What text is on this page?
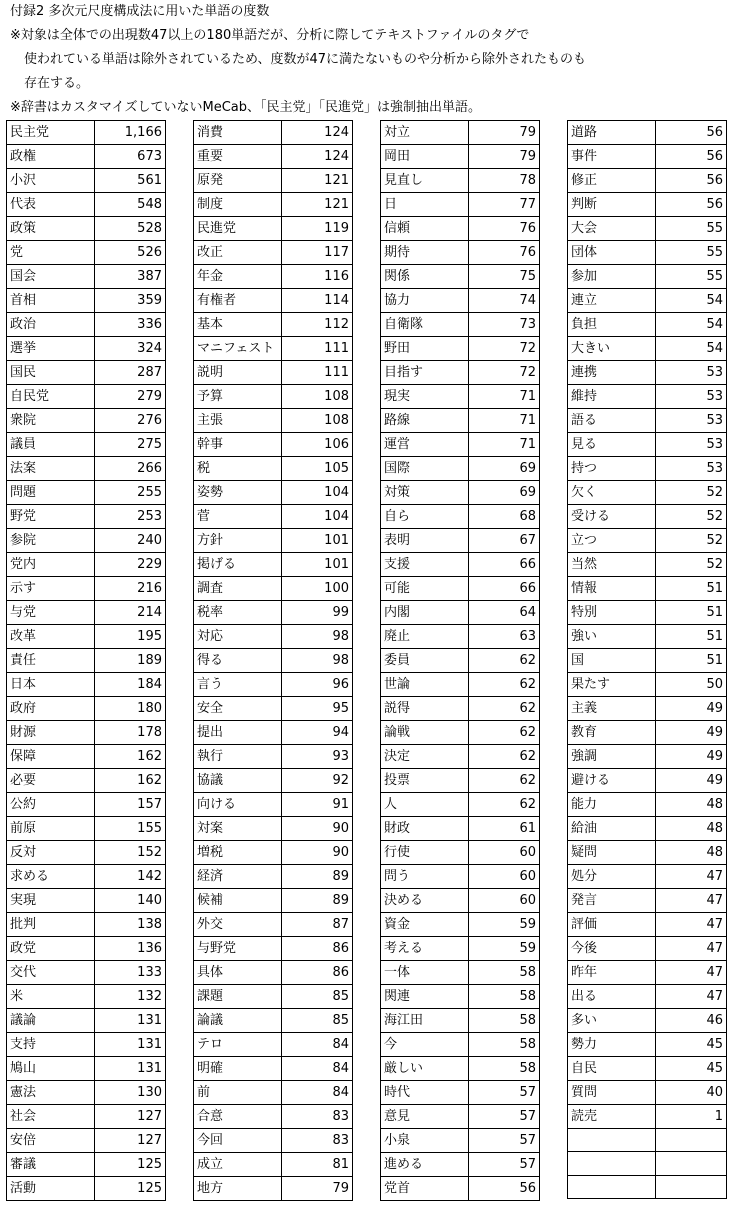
付録2 多次元尺度構成法に用いた単語の度数
※対象は全体での出現数47以上の180単語だが、分析に際してテキストファイルのタグで
使われている単語は除外されているため、度数が47に満たないものや分析から除外されたものも
存在する。
※辞書はカスタマイズしていないMeCab、「民主党」「民進党」は強制抽出単語。
民主党	1,166
政権	673
小沢	561
代表	548
政策	528
党	526
国会	387
首相	359
政治	336
選挙	324
国民	287
自民党	279
衆院	276
議員	275
法案	266
問題	255
野党	253
参院	240
党内	229
示す	216
与党	214
改革	195
責任	189
日本	184
政府	180
財源	178
保障	162
必要	162
公約	157
前原	155
反対	152
求める	142
実現	140
批判	138
政党	136
交代	133
米	132
議論	131
支持	131
鳩山	131
憲法	130
社会	127
安倍	127
審議	125
活動	125
消費	124
重要	124
原発	121
制度	121
民進党	119
改正	117
年金	116
有権者	114
基本	112
マニフェスト	111
説明	111
予算	108
主張	108
幹事	106
税	105
姿勢	104
菅	104
方針	101
掲げる	101
調査	100
税率	99
対応	98
得る	98
言う	96
安全	95
提出	94
執行	93
協議	92
向ける	91
対案	90
増税	90
経済	89
候補	89
外交	87
与野党	86
具体	86
課題	85
論議	85
テロ	84
明確	84
前	84
合意	83
今回	83
成立	81
地方	79
対立	79
岡田	79
見直し	78
日	77
信頼	76
期待	76
関係	75
協力	74
自衛隊	73
野田	72
目指す	72
現実	71
路線	71
運営	71
国際	69
対策	69
自ら	68
表明	67
支援	66
可能	66
内閣	64
廃止	63
委員	62
世論	62
説得	62
論戦	62
決定	62
投票	62
人	62
財政	61
行使	60
問う	60
決める	60
資金	59
考える	59
一体	58
関連	58
海江田	58
今	58
厳しい	58
時代	57
意見	57
小泉	57
進める	57
党首	56
道路	56
事件	56
修正	56
判断	56
大会	55
団体	55
参加	55
連立	54
負担	54
大きい	54
連携	53
維持	53
語る	53
見る	53
持つ	53
欠く	52
受ける	52
立つ	52
当然	52
情報	51
特別	51
強い	51
国	51
果たす	50
主義	49
教育	49
強調	49
避ける	49
能力	48
給油	48
疑問	48
処分	47
発言	47
評価	47
今後	47
昨年	47
出る	47
多い	46
勢力	45
自民	45
質問	40
読売	1
